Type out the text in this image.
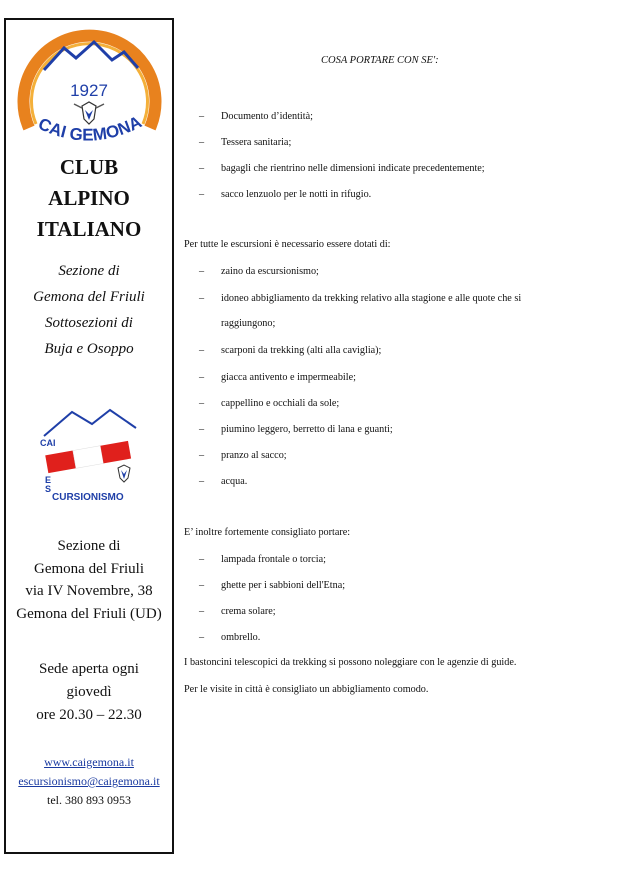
1927
CAI GEMONA
CLUB
ALPINO
ITALIANO
Sezione di
Gemona del Friuli
Sottosezioni di
Buja e Osoppo
CAI
E
S
CURSIONISMO
Sezione di
Gemona del Friuli
via IV Novembre, 38
Gemona del Friuli (UD)
Sede aperta ogni
giovedì
ore 20.30 – 22.30
www.caigemona.it
escursionismo@caigemona.it
tel. 380 893 0953
COSA PORTARE CON SE':
– Documento d’identità;
– Tessera sanitaria;
– bagagli che rientrino nelle dimensioni indicate precedentemente;
– sacco lenzuolo per le notti in rifugio.
Per tutte le escursioni è necessario essere dotati di:
– zaino da escursionismo;
– idoneo abbigliamento da trekking relativo alla stagione e alle quote che si
raggiungono;
– scarponi da trekking (alti alla caviglia);
– giacca antivento e impermeabile;
– cappellino e occhiali da sole;
– piumino leggero, berretto di lana e guanti;
– pranzo al sacco;
– acqua.
E’ inoltre fortemente consigliato portare:
– lampada frontale o torcia;
– ghette per i sabbioni dell'Etna;
– crema solare;
– ombrello.
I bastoncini telescopici da trekking si possono noleggiare con le agenzie di guide.
Per le visite in città è consigliato un abbigliamento comodo.
